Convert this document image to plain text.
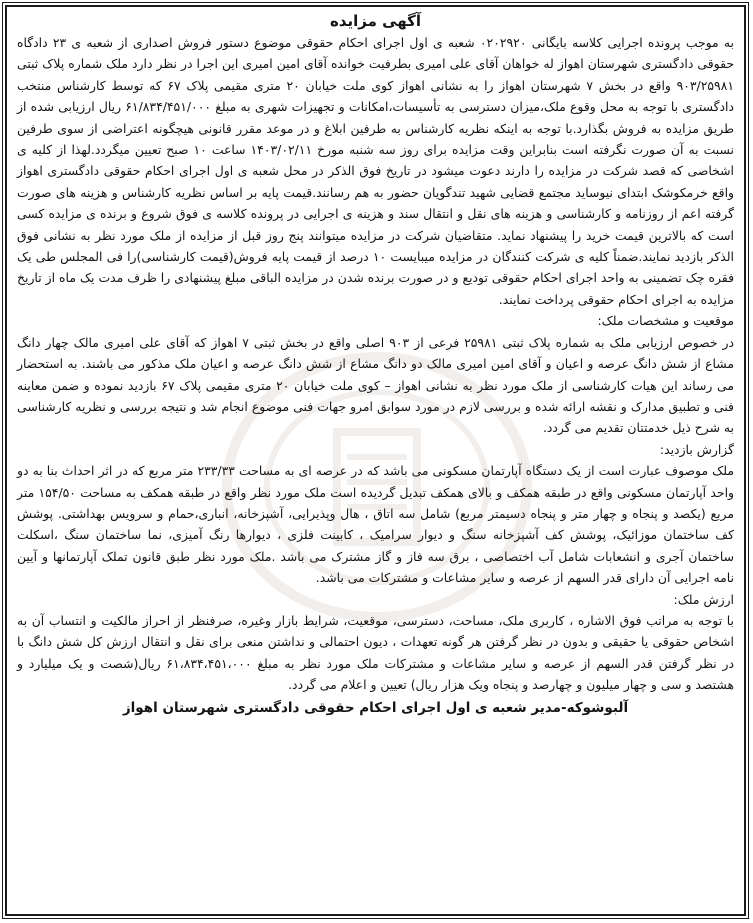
آگهی مزایده

به موجب پرونده اجرایی کلاسه بایگانی ۰۲۰۲۹۲۰ شعبه ی اول اجرای احکام حقوقی موضوع دستور فروش اصداری از شعبه ی ۲۳ دادگاه حقوقی دادگستری شهرستان اهواز له خواهان آقای علی امیری بطرفیت خوانده آقای امین امیری این اجرا در نظر دارد ملک شماره پلاک ثبتی ۹۰۳/۲۵۹۸۱ واقع در بخش ۷ شهرستان اهواز را به نشانی اهواز کوی ملت خیابان ۲۰ متری مقیمی پلاک ۶۷ که توسط کارشناس منتخب دادگستری با توجه به محل وقوع ملک،میزان دسترسی به تأسیسات،امکانات و تجهیزات شهری به مبلغ ۶۱/۸۳۴/۴۵۱/۰۰۰ ریال ارزیابی شده از طریق مزایده به فروش بگذارد.با توجه به اینکه نظریه کارشناس به طرفین ابلاغ و در موعد مقرر قانونی هیچگونه اعتراضی از سوی طرفین نسبت به آن صورت نگرفته است بنابراین وقت مزایده برای روز سه شنبه مورخ ۱۴۰۳/۰۲/۱۱ ساعت ۱۰ صبح تعیین میگردد.لهذا از کلیه ی اشخاصی که قصد شرکت در مزایده را دارند دعوت میشود در تاریخ فوق الذکر در محل شعبه ی اول اجرای احکام حقوقی دادگستری اهواز واقع خرمکوشک ابتدای نیوساید مجتمع قضایی شهید تندگویان حضور به هم رسانند.قیمت پایه بر اساس نظریه کارشناس و هزینه های صورت گرفته اعم از روزنامه و کارشناسی و هزینه های نقل و انتقال سند و هزینه ی اجرایی در پرونده کلاسه ی فوق شروع و برنده ی مزایده کسی است که بالاترین قیمت خرید را پیشنهاد نماید. متقاضیان شرکت در مزایده میتوانند پنج روز قبل از مزایده از ملک مورد نظر به نشانی فوق الذکر بازدید نمایند.ضمناً کلیه ی شرکت کنندگان در مزایده میبایست ۱۰ درصد از قیمت پایه فروش(قیمت کارشناسی)را فی المجلس طی یک فقره چک تضمینی به واحد اجرای احکام حقوقی تودیع و در صورت برنده شدن در مزایده الباقی مبلغ پیشنهادی را ظرف مدت یک ماه از تاریخ مزایده به اجرای احکام حقوقی پرداخت نمایند.

موقعیت و مشخصات ملک:

در خصوص ارزیابی ملک به شماره پلاک ثبتی ۲۵۹۸۱ فرعی از ۹۰۳ اصلی واقع در بخش ثبتی ۷ اهواز که آقای علی امیری مالک چهار دانگ مشاع از شش دانگ عرصه و اعیان و آقای امین امیری مالک دو دانگ مشاع از شش دانگ عرصه و اعیان ملک مذکور می باشند. به استحضار می رساند این هیات کارشناسی از ملک مورد نظر به نشانی اهواز – کوی ملت خیابان ۲۰ متری مقیمی پلاک ۶۷ بازدید نموده و ضمن معاینه فنی و تطبیق مدارک و نقشه ارائه شده و بررسی لازم در مورد سوابق امرو جهات فنی موضوع انجام شد و نتیجه بررسی و نظریه کارشناسی به شرح ذیل خدمتتان تقدیم می گردد.

گزارش بازدید:

ملک موصوف عبارت است از یک دستگاه آپارتمان مسکونی می باشد که در عرصه ای به مساحت ۲۳۳/۳۳ متر مربع که در اثر احداث بنا به دو واحد آپارتمان مسکونی واقع در طبقه همکف و بالای همکف تبدیل گردیده است ملک مورد نظر واقع در طبقه همکف به مساحت ۱۵۴/۵۰ متر مربع (یکصد و پنجاه و چهار متر و پنجاه دسیمتر مربع) شامل سه اتاق ، هال وپذیرایی، آشپزخانه، انباری،حمام و سرویس بهداشتی. پوشش کف ساختمان موزائیک، پوشش کف آشپزخانه سنگ و دیوار سرامیک ، کابینت فلزی ، دیوارها رنگ آمیزی، نما ساختمان سنگ ،اسکلت ساختمان آجری و انشعابات شامل آب اختصاصی ، برق سه فاز و گاز مشترک می باشد .ملک مورد نظر طبق قانون تملک آپارتمانها و آیین نامه اجرایی آن دارای قدر السهم از عرصه و سایر مشاعات و مشترکات می باشد.

ارزش ملک:

با توجه به مراتب فوق الاشاره ، کاربری ملک، مساحت، دسترسی، موقعیت، شرایط بازار وغیره، صرفنظر از احراز مالکیت و انتساب آن به اشخاص حقوقی یا حقیقی و بدون در نظر گرفتن هر گونه تعهدات ، دیون احتمالی و نداشتن منعی برای نقل و انتقال ارزش کل شش دانگ با در نظر گرفتن قدر السهم از عرصه و سایر مشاعات و مشترکات ملک مورد نظر به مبلغ ۶۱،۸۳۴،۴۵۱،۰۰۰ ریال(شصت و یک میلیارد و هشتصد و سی و چهار میلیون و چهارصد و پنجاه ویک هزار ریال) تعیین و اعلام می گردد.

آلبوشوکه-مدیر شعبه ی اول اجرای احکام حقوقی دادگستری شهرستان اهواز
